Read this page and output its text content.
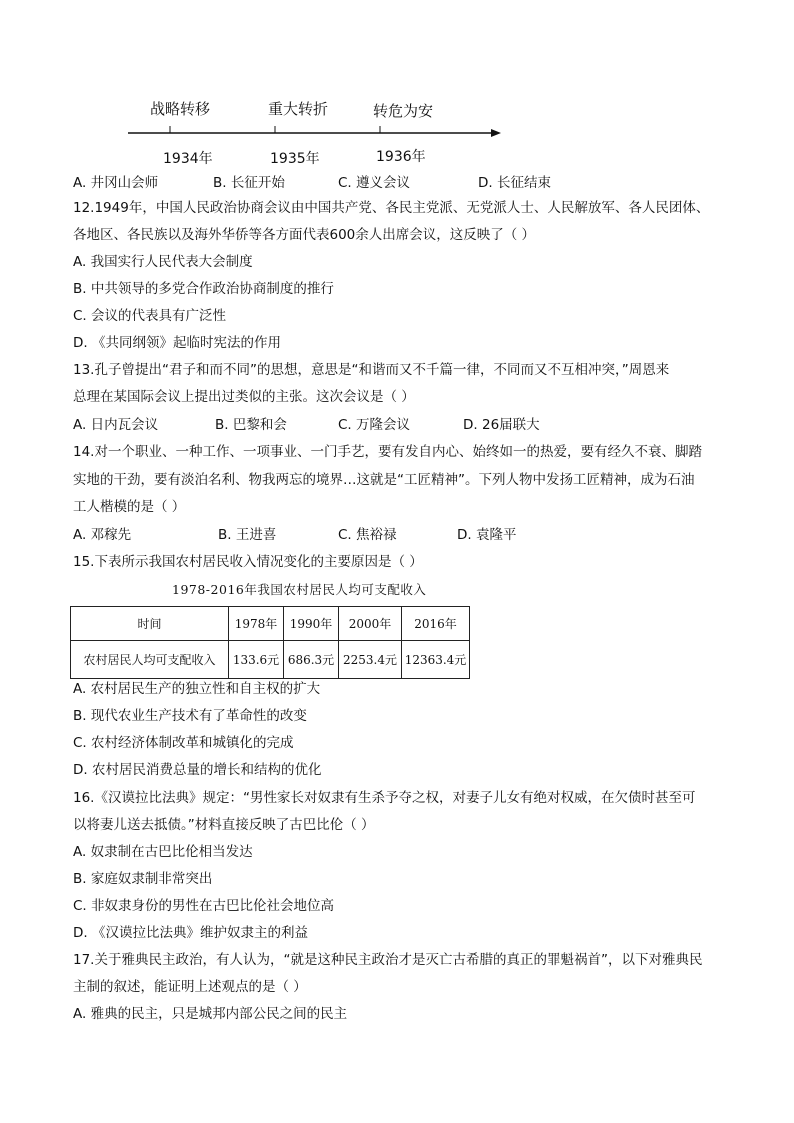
战略转移	重大转折	转危为安
1934年	1935年	1936年
A. 井冈山会师	B. 长征开始	C. 遵义会议	D. 长征结束
12.1949年，中国人民政治协商会议由中国共产党、各民主党派、无党派人士、人民解放军、各人民团体、
各地区、各民族以及海外华侨等各方面代表600余人出席会议，这反映了（ ）
A. 我国实行人民代表大会制度
B. 中共领导的多党合作政治协商制度的推行
C. 会议的代表具有广泛性
D. 《共同纲领》起临时宪法的作用
13.孔子曾提出“君子和而不同”的思想，意思是“和谐而又不千篇一律，不同而又不互相冲突，”周恩来
总理在某国际会议上提出过类似的主张。这次会议是（ ）
A. 日内瓦会议	B. 巴黎和会	C. 万隆会议	D. 26届联大
14.对一个职业、一种工作、一项事业、一门手艺，要有发自内心、始终如一的热爱，要有经久不衰、脚踏
实地的干劲，要有淡泊名利、物我两忘的境界…这就是“工匠精神”。下列人物中发扬工匠精神，成为石油
工人楷模的是（ ）
A. 邓稼先	B. 王进喜	C. 焦裕禄	D. 袁隆平
15.下表所示我国农村居民收入情况变化的主要原因是（ ）
1978-2016年我国农村居民人均可支配收入
时间	1978年	1990年	2000年	2016年
农村居民人均可支配收入	133.6元	686.3元	2253.4元	12363.4元
A. 农村居民生产的独立性和自主权的扩大
B. 现代农业生产技术有了革命性的改变
C. 农村经济体制改革和城镇化的完成
D. 农村居民消费总量的增长和结构的优化
16.《汉谟拉比法典》规定：“男性家长对奴隶有生杀予夺之权，对妻子儿女有绝对权威，在欠债时甚至可
以将妻儿送去抵债。”材料直接反映了古巴比伦（ ）
A. 奴隶制在古巴比伦相当发达
B. 家庭奴隶制非常突出
C. 非奴隶身份的男性在古巴比伦社会地位高
D. 《汉谟拉比法典》维护奴隶主的利益
17.关于雅典民主政治，有人认为，“就是这种民主政治才是灭亡古希腊的真正的罪魁祸首”，以下对雅典民
主制的叙述，能证明上述观点的是（ ）
A. 雅典的民主，只是城邦内部公民之间的民主
